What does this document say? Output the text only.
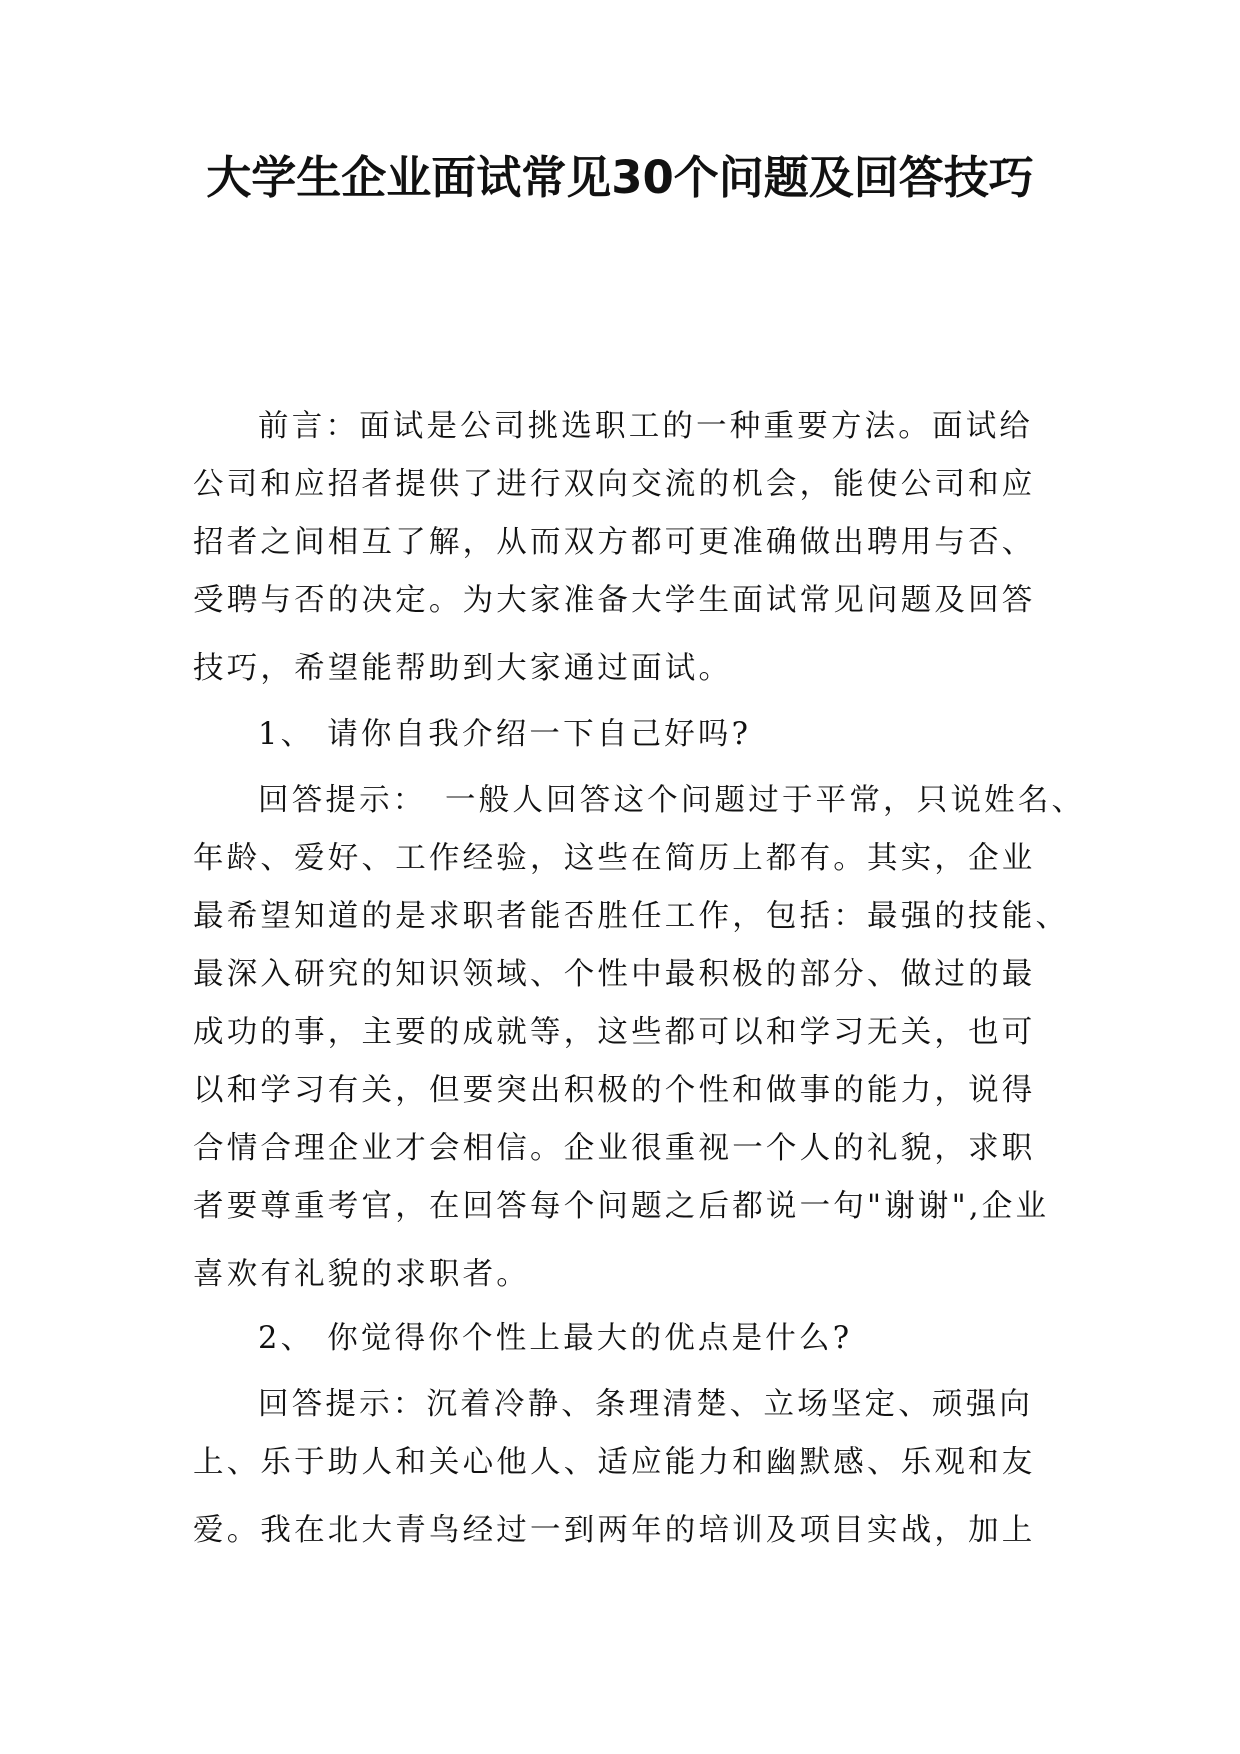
大学生企业面试常见30个问题及回答技巧
前言：面试是公司挑选职工的一种重要方法。面试给
公司和应招者提供了进行双向交流的机会，能使公司和应
招者之间相互了解，从而双方都可更准确做出聘用与否、
受聘与否的决定。为大家准备大学生面试常见问题及回答
技巧，希望能帮助到大家通过面试。
1、 请你自我介绍一下自己好吗?
回答提示：　一般人回答这个问题过于平常，只说姓名、
年龄、爱好、工作经验，这些在简历上都有。其实，企业
最希望知道的是求职者能否胜任工作，包括：最强的技能、
最深入研究的知识领域、个性中最积极的部分、做过的最
成功的事，主要的成就等，这些都可以和学习无关，也可
以和学习有关，但要突出积极的个性和做事的能力，说得
合情合理企业才会相信。企业很重视一个人的礼貌，求职
者要尊重考官，在回答每个问题之后都说一句"谢谢",企业
喜欢有礼貌的求职者。
2、 你觉得你个性上最大的优点是什么?
回答提示：沉着冷静、条理清楚、立场坚定、顽强向
上、乐于助人和关心他人、适应能力和幽默感、乐观和友
爱。我在北大青鸟经过一到两年的培训及项目实战，加上
